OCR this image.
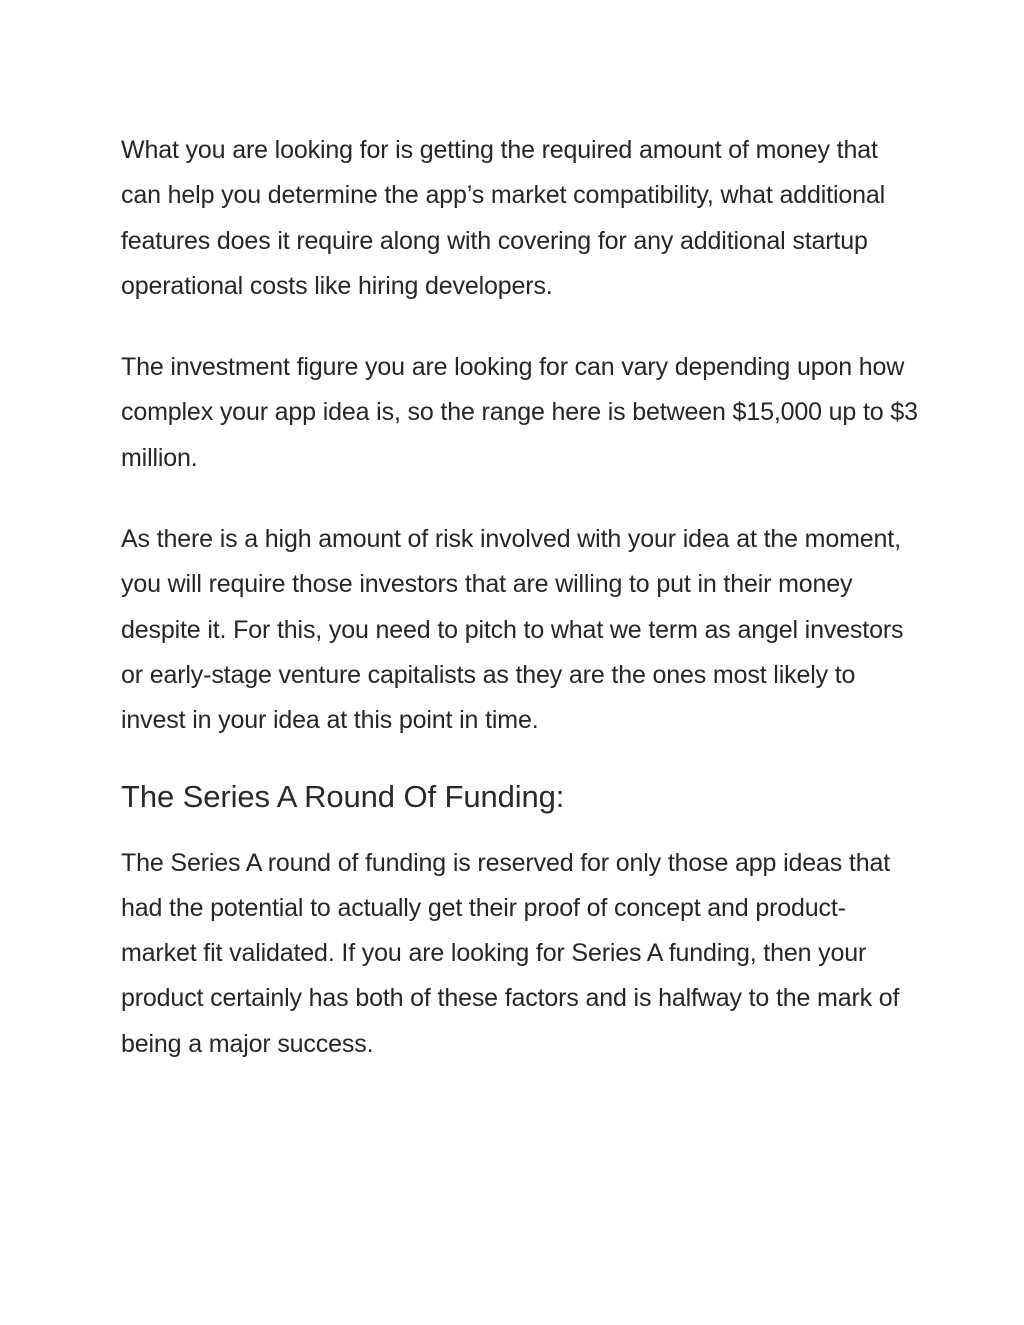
What you are looking for is getting the required amount of money that can help you determine the app’s market compatibility, what additional features does it require along with covering for any additional startup operational costs like hiring developers.

The investment figure you are looking for can vary depending upon how complex your app idea is, so the range here is between $15,000 up to $3 million.

As there is a high amount of risk involved with your idea at the moment, you will require those investors that are willing to put in their money despite it. For this, you need to pitch to what we term as angel investors or early-stage venture capitalists as they are the ones most likely to invest in your idea at this point in time.

The Series A Round Of Funding:

The Series A round of funding is reserved for only those app ideas that had the potential to actually get their proof of concept and product-market fit validated. If you are looking for Series A funding, then your product certainly has both of these factors and is halfway to the mark of being a major success.
